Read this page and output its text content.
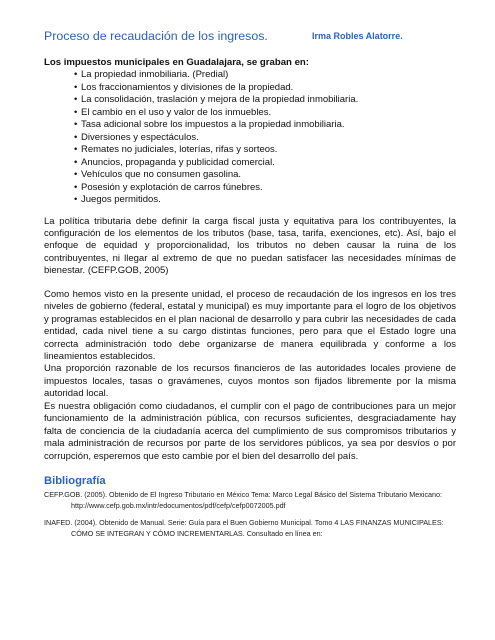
Proceso de recaudación de los ingresos.	Irma Robles Alatorre.

Los impuestos municipales en Guadalajara, se graban en:

• La propiedad inmobiliaria. (Predial)
• Los fraccionamientos y divisiones de la propiedad.
• La consolidación, traslación y mejora de la propiedad inmobiliaria.
• El cambio en el uso y valor de los inmuebles.
• Tasa adicional sobre los impuestos a la propiedad inmobiliaria.
• Diversiones y espectáculos.
• Remates no judiciales, loterías, rifas y sorteos.
• Anuncios, propaganda y publicidad comercial.
• Vehículos que no consumen gasolina.
• Posesión y explotación de carros fúnebres.
• Juegos permitidos.

La política tributaria debe definir la carga fiscal justa y equitativa para los contribuyentes, la configuración de los elementos de los tributos (base, tasa, tarifa, exenciones, etc). Así, bajo el enfoque de equidad y proporcionalidad, los tributos no deben causar la ruina de los contribuyentes, ni llegar al extremo de que no puedan satisfacer las necesidades mínimas de bienestar. (CEFP.GOB, 2005)

Como hemos visto en la presente unidad, el proceso de recaudación de los ingresos en los tres niveles de gobierno (federal, estatal y municipal) es muy importante para el logro de los objetivos y programas establecidos en el plan nacional de desarrollo y para cubrir las necesidades de cada entidad, cada nivel tiene a su cargo distintas funciones, pero para que el Estado logre una correcta administración todo debe organizarse de manera equilibrada y conforme a los lineamientos establecidos.

Una proporción razonable de los recursos financieros de las autoridades locales proviene de impuestos locales, tasas o gravámenes, cuyos montos son fijados libremente por la misma autoridad local.

Es nuestra obligación como ciudadanos, el cumplir con el pago de contribuciones para un mejor funcionamiento de la administración pública, con recursos suficientes, desgraciadamente hay falta de conciencia de la ciudadanía acerca del cumplimiento de sus compromisos tributarios y mala administración de recursos por parte de los servidores públicos, ya sea por desvíos o por corrupción, esperemos que esto cambie por el bien del desarrollo del país.

Bibliografía

CEFP.GOB. (2005). Obtenido de El Ingreso Tributario en México Tema: Marco Legal Básico del Sistema Tributario Mexicano: http://www.cefp.gob.mx/intr/edocumentos/pdf/cefp/cefp0072005.pdf

INAFED. (2004). Obtenido de Manual. Serie: Guía para el Buen Gobierno Municipal. Tomo 4 LAS FINANZAS MUNICIPALES: CÓMO SE INTEGRAN Y CÓMO INCREMENTARLAS. Consultado en línea en:
